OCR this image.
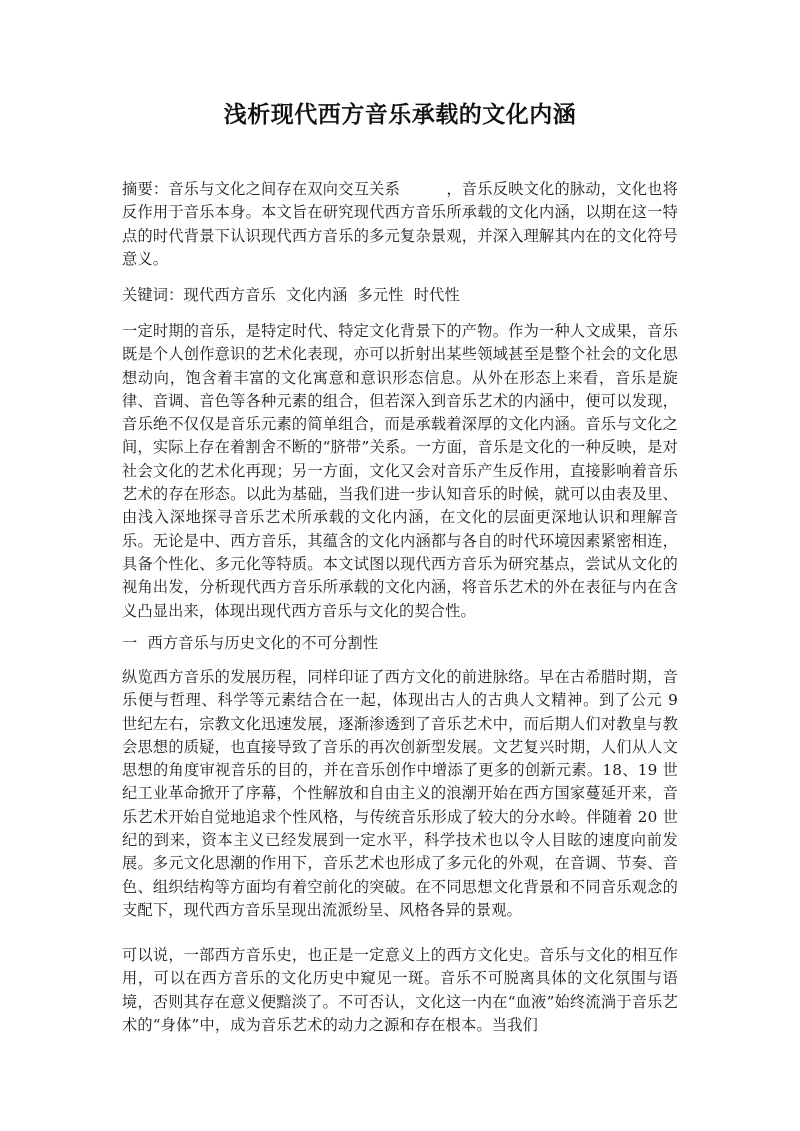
浅析现代西方音乐承载的文化内涵

摘要：音乐与文化之间存在双向交互关系　　　，音乐反映文化的脉动，文化也将反作用于音乐本身。本文旨在研究现代西方音乐所承载的文化内涵，以期在这一特点的时代背景下认识现代西方音乐的多元复杂景观，并深入理解其内在的文化符号意义。

关键词：现代西方音乐  文化内涵  多元性  时代性

一定时期的音乐，是特定时代、特定文化背景下的产物。作为一种人文成果，音乐既是个人创作意识的艺术化表现，亦可以折射出某些领域甚至是整个社会的文化思想动向，饱含着丰富的文化寓意和意识形态信息。从外在形态上来看，音乐是旋律、音调、音色等各种元素的组合，但若深入到音乐艺术的内涵中，便可以发现，音乐绝不仅仅是音乐元素的简单组合，而是承载着深厚的文化内涵。音乐与文化之间，实际上存在着割舍不断的“脐带”关系。一方面，音乐是文化的一种反映，是对社会文化的艺术化再现；另一方面，文化又会对音乐产生反作用，直接影响着音乐艺术的存在形态。以此为基础，当我们进一步认知音乐的时候，就可以由表及里、由浅入深地探寻音乐艺术所承载的文化内涵，在文化的层面更深地认识和理解音乐。无论是中、西方音乐，其蕴含的文化内涵都与各自的时代环境因素紧密相连，具备个性化、多元化等特质。本文试图以现代西方音乐为研究基点，尝试从文化的视角出发，分析现代西方音乐所承载的文化内涵，将音乐艺术的外在表征与内在含义凸显出来，体现出现代西方音乐与文化的契合性。

一  西方音乐与历史文化的不可分割性

纵览西方音乐的发展历程，同样印证了西方文化的前进脉络。早在古希腊时期，音乐便与哲理、科学等元素结合在一起，体现出古人的古典人文精神。到了公元 9 世纪左右，宗教文化迅速发展，逐渐渗透到了音乐艺术中，而后期人们对教皇与教会思想的质疑，也直接导致了音乐的再次创新型发展。文艺复兴时期，人们从人文思想的角度审视音乐的目的，并在音乐创作中增添了更多的创新元素。18、19 世纪工业革命掀开了序幕，个性解放和自由主义的浪潮开始在西方国家蔓延开来，音乐艺术开始自觉地追求个性风格，与传统音乐形成了较大的分水岭。伴随着 20 世纪的到来，资本主义已经发展到一定水平，科学技术也以令人目眩的速度向前发展。多元文化思潮的作用下，音乐艺术也形成了多元化的外观，在音调、节奏、音色、组织结构等方面均有着空前化的突破。在不同思想文化背景和不同音乐观念的支配下，现代西方音乐呈现出流派纷呈、风格各异的景观。

可以说，一部西方音乐史，也正是一定意义上的西方文化史。音乐与文化的相互作用，可以在西方音乐的文化历史中窥见一斑。音乐不可脱离具体的文化氛围与语境，否则其存在意义便黯淡了。不可否认，文化这一内在“血液”始终流淌于音乐艺术的“身体”中，成为音乐艺术的动力之源和存在根本。当我们
